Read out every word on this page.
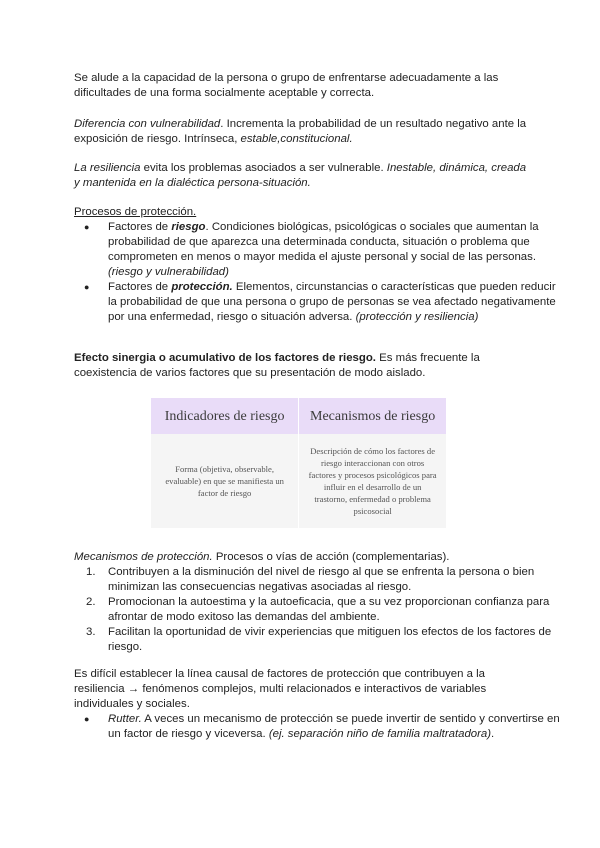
Se alude a la capacidad de la persona o grupo de enfrentarse adecuadamente a las dificultades de una forma socialmente aceptable y correcta.

Diferencia con vulnerabilidad. Incrementa la probabilidad de un resultado negativo ante la exposición de riesgo. Intrínseca, estable,constitucional.

La resiliencia evita los problemas asociados a ser vulnerable. Inestable, dinámica, creada y mantenida en la dialéctica persona-situación.

Procesos de protección.

● Factores de riesgo. Condiciones biológicas, psicológicas o sociales que aumentan la probabilidad de que aparezca una determinada conducta, situación o problema que comprometen en menos o mayor medida el ajuste personal y social de las personas. (riesgo y vulnerabilidad)
● Factores de protección. Elementos, circunstancias o características que pueden reducir la probabilidad de que una persona o grupo de personas se vea afectado negativamente por una enfermedad, riesgo o situación adversa. (protección y resiliencia)

Efecto sinergia o acumulativo de los factores de riesgo. Es más frecuente la coexistencia de varios factores que su presentación de modo aislado.

Indicadores de riesgo	Mecanismos de riesgo
Forma (objetiva, observable, evaluable) en que se manifiesta un factor de riesgo	Descripción de cómo los factores de riesgo interaccionan con otros factores y procesos psicológicos para influir en el desarrollo de un trastorno, enfermedad o problema psicosocial

Mecanismos de protección. Procesos o vías de acción (complementarias).

1. Contribuyen a la disminución del nivel de riesgo al que se enfrenta la persona o bien minimizan las consecuencias negativas asociadas al riesgo.
2. Promocionan la autoestima y la autoeficacia, que a su vez proporcionan confianza para afrontar de modo exitoso las demandas del ambiente.
3. Facilitan la oportunidad de vivir experiencias que mitiguen los efectos de los factores de riesgo.

Es difícil establecer la línea causal de factores de protección que contribuyen a la resiliencia → fenómenos complejos, multi relacionados e interactivos de variables individuales y sociales.

● Rutter. A veces un mecanismo de protección se puede invertir de sentido y convertirse en un factor de riesgo y viceversa. (ej. separación niño de familia maltratadora).
